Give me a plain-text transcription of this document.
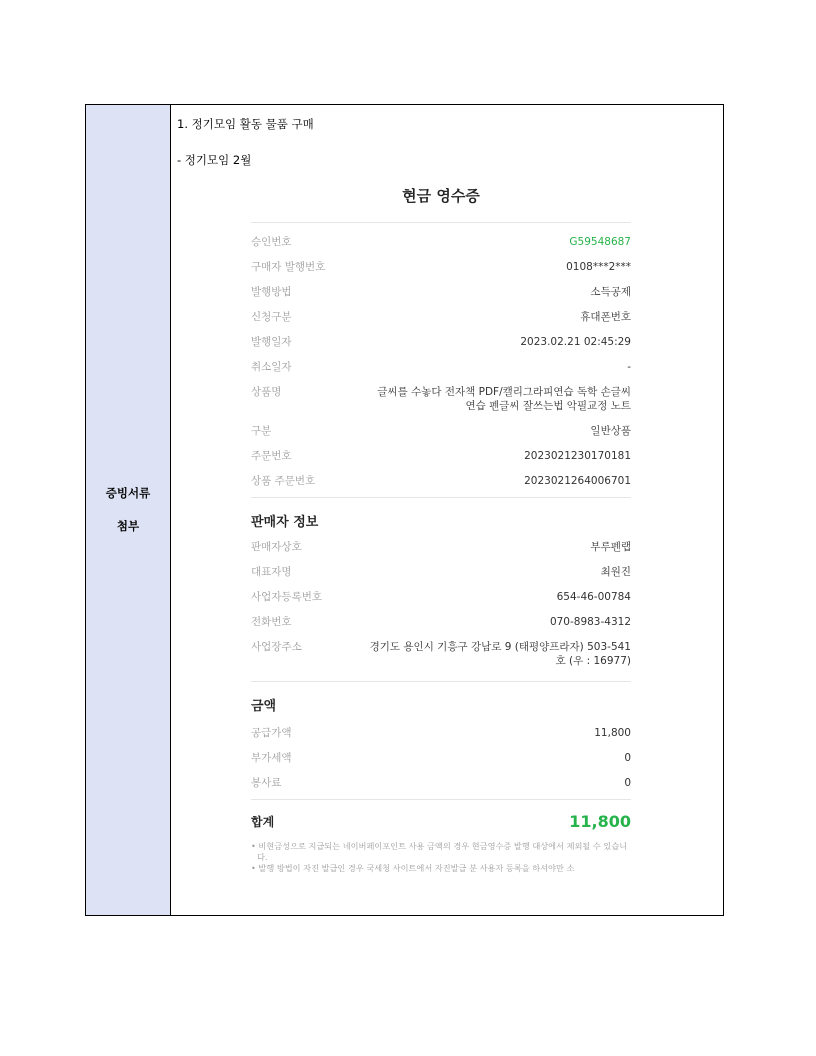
증빙서류
첨부
1. 정기모임 활동 물품 구매
- 정기모임 2월
현금 영수증
승인번호	G59548687
구매자 발행번호	0108***2***
발행방법	소득공제
신청구분	휴대폰번호
발행일자	2023.02.21 02:45:29
취소일자	-
상품명	글씨를 수놓다 전자책 PDF/캘리그라피연습 독학 손글씨
연습 펜글씨 잘쓰는법 악필교정 노트
구분	일반상품
주문번호	2023021230170181
상품 주문번호	2023021264006701
판매자 정보
판매자상호	부루펜랩
대표자명	최원진
사업자등록번호	654-46-00784
전화번호	070-8983-4312
사업장주소	경기도 용인시 기흥구 강남로 9 (태평양프라자) 503-541
호 (우 : 16977)
금액
공급가액	11,800
부가세액	0
봉사료	0
합계	11,800
• 비현금성으로 지급되는 네이버페이포인트 사용 금액의 경우 현금영수증 발행 대상에서 제외될 수 있습니다.
• 발행 방법이 자진 발급인 경우 국세청 사이트에서 자진발급 분 사용자 등록을 하셔야만 소
